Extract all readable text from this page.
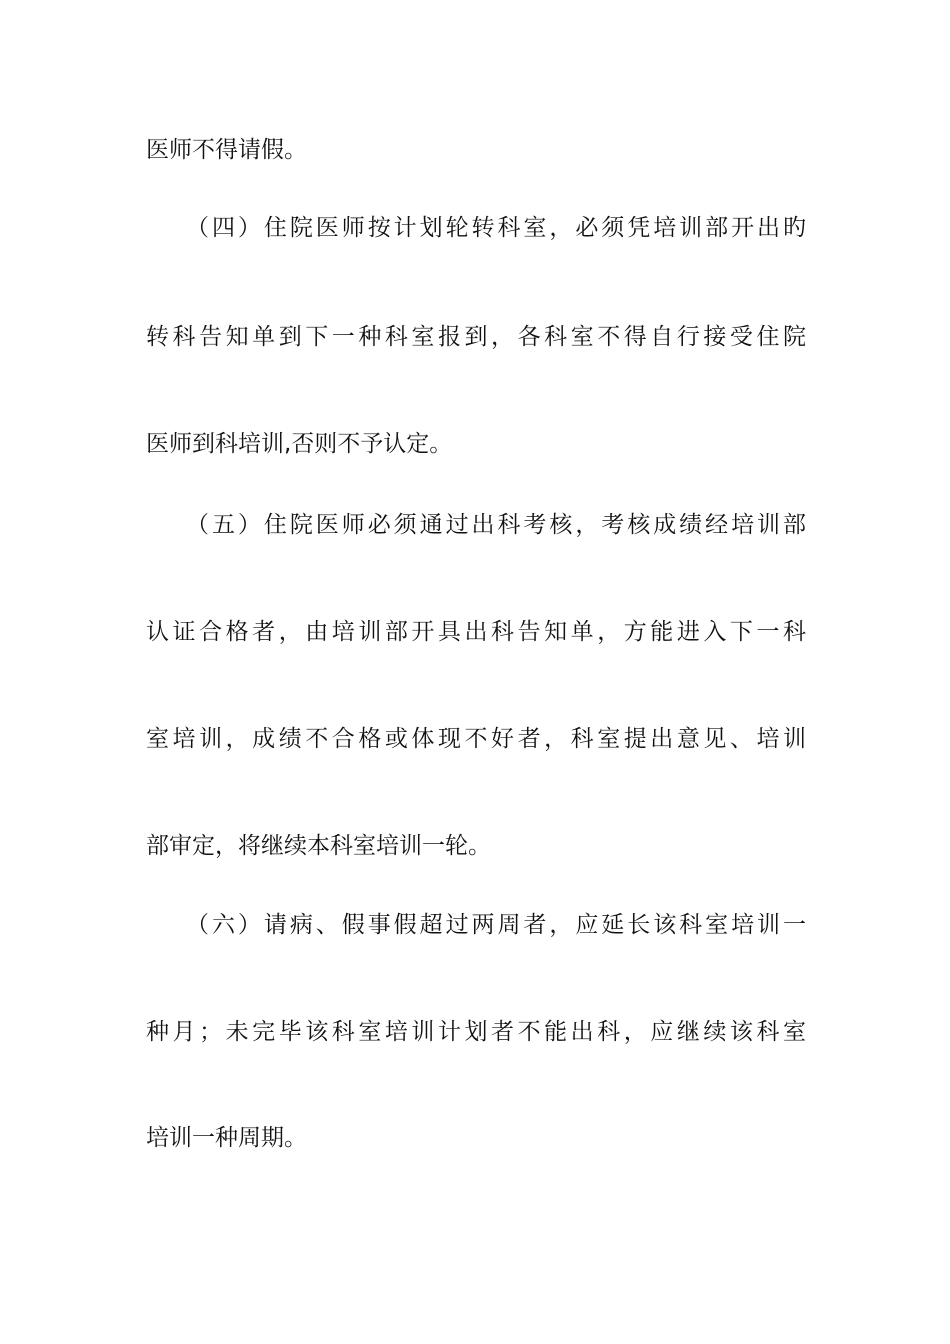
医师不得请假。
（四）住院医师按计划轮转科室，必须凭培训部开出旳
转科告知单到下一种科室报到，各科室不得自行接受住院
医师到科培训,否则不予认定。
（五）住院医师必须通过出科考核，考核成绩经培训部
认证合格者，由培训部开具出科告知单，方能进入下一科
室培训，成绩不合格或体现不好者，科室提出意见、培训
部审定，将继续本科室培训一轮。
（六）请病、假事假超过两周者，应延长该科室培训一
种月；未完毕该科室培训计划者不能出科，应继续该科室
培训一种周期。
